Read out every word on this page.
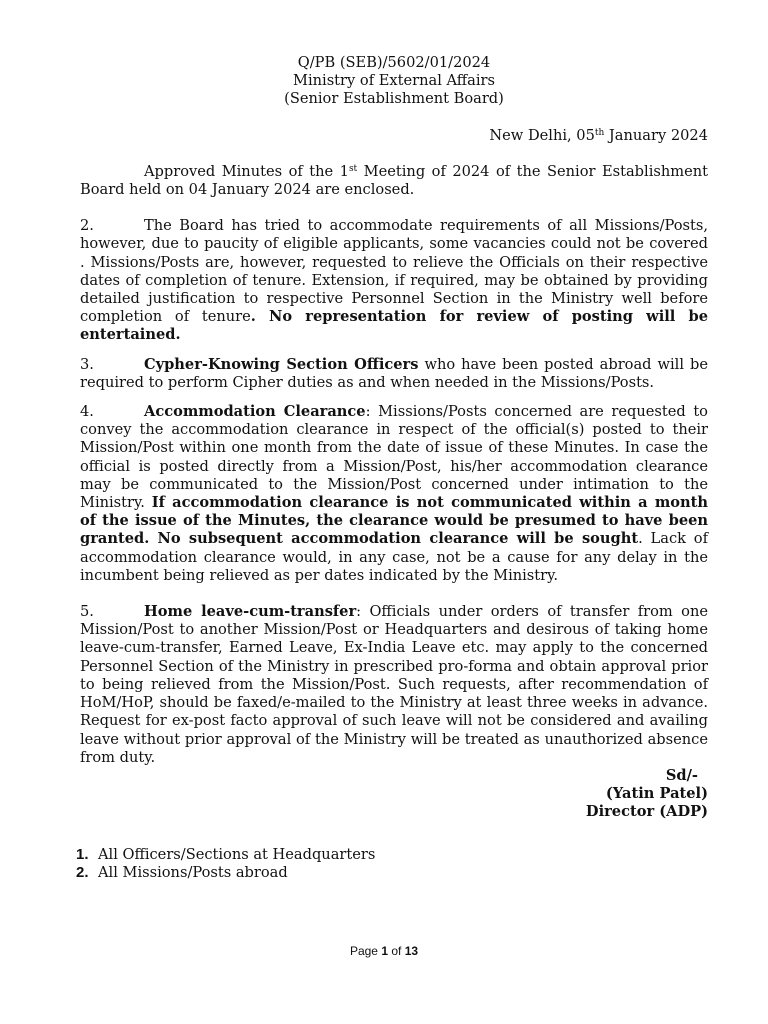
Q/PB (SEB)/5602/01/2024
Ministry of External Affairs
(Senior Establishment Board)
New Delhi, 05th January 2024

Approved Minutes of the 1st Meeting of 2024 of the Senior Establishment Board held on 04 January 2024 are enclosed.

2.	The Board has tried to accommodate requirements of all Missions/Posts, however, due to paucity of eligible applicants, some vacancies could not be covered . Missions/Posts are, however, requested to relieve the Officials on their respective dates of completion of tenure. Extension, if required, may be obtained by providing detailed justification to respective Personnel Section in the Ministry well before completion of tenure. No representation for review of posting will be entertained.

3.	Cypher-Knowing Section Officers who have been posted abroad will be required to perform Cipher duties as and when needed in the Missions/Posts.

4.	Accommodation Clearance: Missions/Posts concerned are requested to convey the accommodation clearance in respect of the official(s) posted to their Mission/Post within one month from the date of issue of these Minutes. In case the official is posted directly from a Mission/Post, his/her accommodation clearance may be communicated to the Mission/Post concerned under intimation to the Ministry. If accommodation clearance is not communicated within a month of the issue of the Minutes, the clearance would be presumed to have been granted. No subsequent accommodation clearance will be sought. Lack of accommodation clearance would, in any case, not be a cause for any delay in the incumbent being relieved as per dates indicated by the Ministry.

5.	Home leave-cum-transfer: Officials under orders of transfer from one Mission/Post to another Mission/Post or Headquarters and desirous of taking home leave-cum-transfer, Earned Leave, Ex-India Leave etc. may apply to the concerned Personnel Section of the Ministry in prescribed pro-forma and obtain approval prior to being relieved from the Mission/Post. Such requests, after recommendation of HoM/HoP, should be faxed/e-mailed to the Ministry at least three weeks in advance. Request for ex-post facto approval of such leave will not be considered and availing leave without prior approval of the Ministry will be treated as unauthorized absence from duty.

Sd/-
(Yatin Patel)
Director (ADP)
1. All Officers/Sections at Headquarters
2. All Missions/Posts abroad
Page 1 of 13
